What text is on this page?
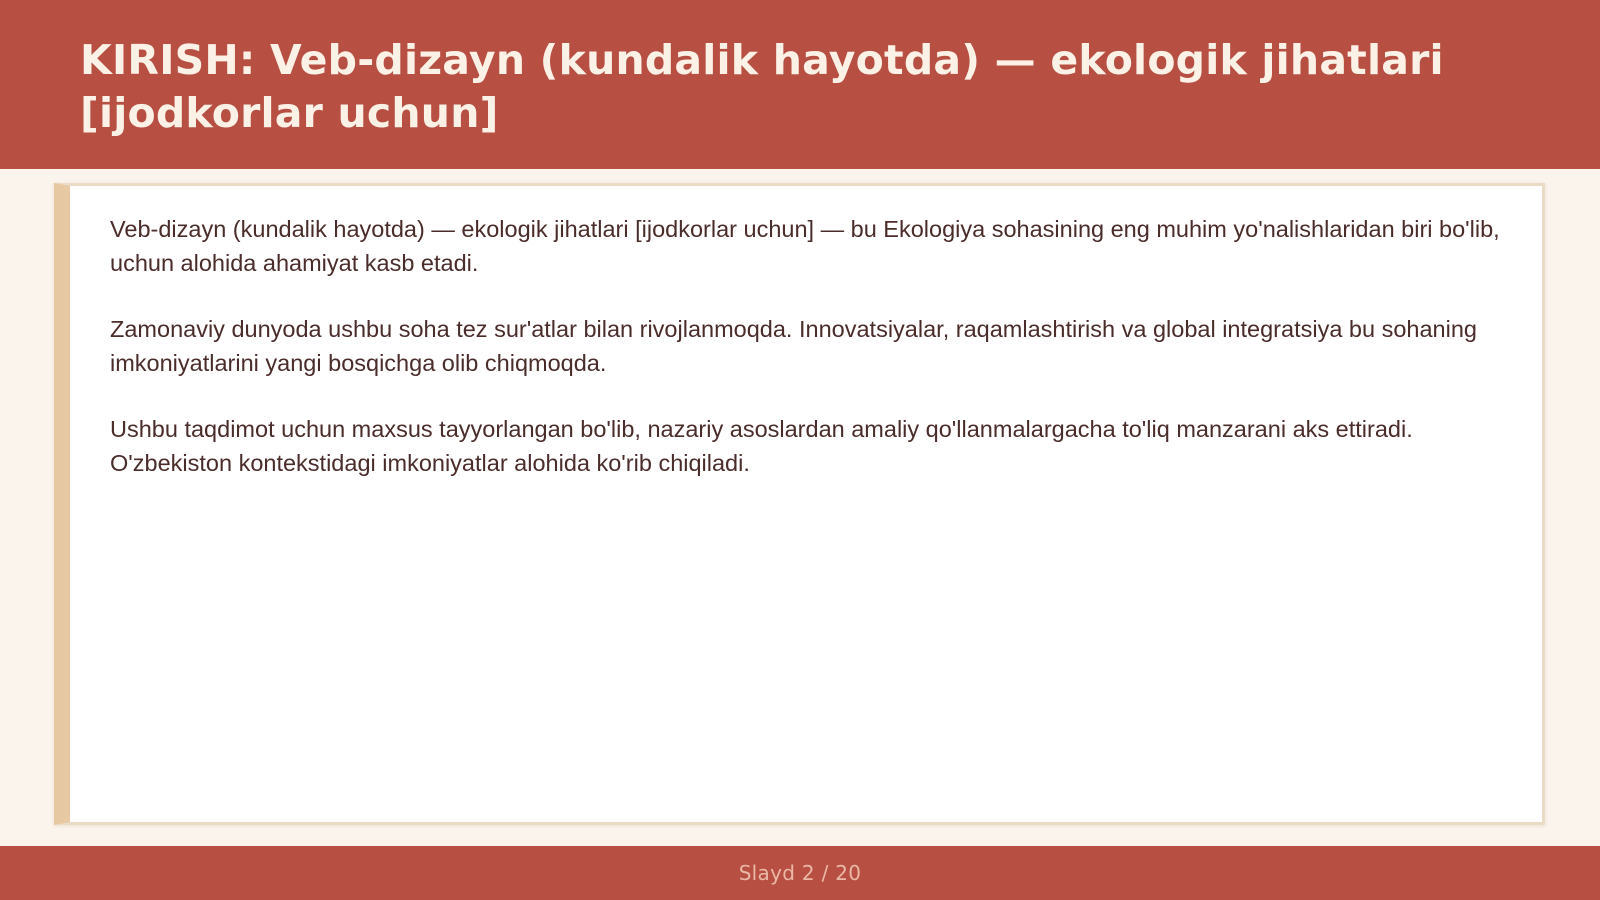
KIRISH: Veb-dizayn (kundalik hayotda) — ekologik jihatlari [ijodkorlar uchun]

Veb-dizayn (kundalik hayotda) — ekologik jihatlari [ijodkorlar uchun] — bu Ekologiya sohasining eng muhim yo'nalishlaridan biri bo'lib, uchun alohida ahamiyat kasb etadi.

Zamonaviy dunyoda ushbu soha tez sur'atlar bilan rivojlanmoqda. Innovatsiyalar, raqamlashtirish va global integratsiya bu sohaning imkoniyatlarini yangi bosqichga olib chiqmoqda.

Ushbu taqdimot uchun maxsus tayyorlangan bo'lib, nazariy asoslardan amaliy qo'llanmalargacha to'liq manzarani aks ettiradi. O'zbekiston kontekstidagi imkoniyatlar alohida ko'rib chiqiladi.

Slayd 2 / 20
